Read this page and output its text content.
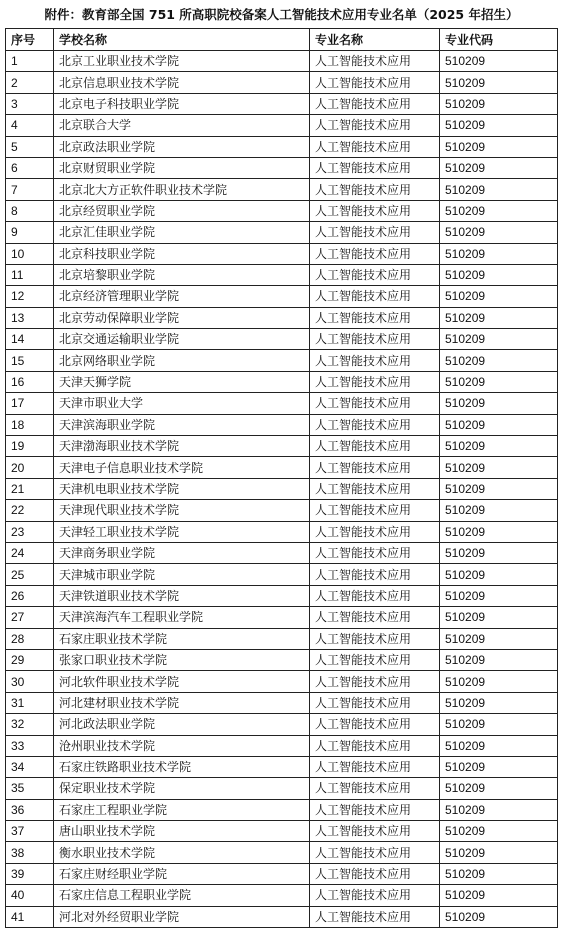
附件：教育部全国 751 所高职院校备案人工智能技术应用专业名单（2025 年招生）
序号	学校名称	专业名称	专业代码
1	北京工业职业技术学院	人工智能技术应用	510209
2	北京信息职业技术学院	人工智能技术应用	510209
3	北京电子科技职业学院	人工智能技术应用	510209
4	北京联合大学	人工智能技术应用	510209
5	北京政法职业学院	人工智能技术应用	510209
6	北京财贸职业学院	人工智能技术应用	510209
7	北京北大方正软件职业技术学院	人工智能技术应用	510209
8	北京经贸职业学院	人工智能技术应用	510209
9	北京汇佳职业学院	人工智能技术应用	510209
10	北京科技职业学院	人工智能技术应用	510209
11	北京培黎职业学院	人工智能技术应用	510209
12	北京经济管理职业学院	人工智能技术应用	510209
13	北京劳动保障职业学院	人工智能技术应用	510209
14	北京交通运输职业学院	人工智能技术应用	510209
15	北京网络职业学院	人工智能技术应用	510209
16	天津天狮学院	人工智能技术应用	510209
17	天津市职业大学	人工智能技术应用	510209
18	天津滨海职业学院	人工智能技术应用	510209
19	天津渤海职业技术学院	人工智能技术应用	510209
20	天津电子信息职业技术学院	人工智能技术应用	510209
21	天津机电职业技术学院	人工智能技术应用	510209
22	天津现代职业技术学院	人工智能技术应用	510209
23	天津轻工职业技术学院	人工智能技术应用	510209
24	天津商务职业学院	人工智能技术应用	510209
25	天津城市职业学院	人工智能技术应用	510209
26	天津铁道职业技术学院	人工智能技术应用	510209
27	天津滨海汽车工程职业学院	人工智能技术应用	510209
28	石家庄职业技术学院	人工智能技术应用	510209
29	张家口职业技术学院	人工智能技术应用	510209
30	河北软件职业技术学院	人工智能技术应用	510209
31	河北建材职业技术学院	人工智能技术应用	510209
32	河北政法职业学院	人工智能技术应用	510209
33	沧州职业技术学院	人工智能技术应用	510209
34	石家庄铁路职业技术学院	人工智能技术应用	510209
35	保定职业技术学院	人工智能技术应用	510209
36	石家庄工程职业学院	人工智能技术应用	510209
37	唐山职业技术学院	人工智能技术应用	510209
38	衡水职业技术学院	人工智能技术应用	510209
39	石家庄财经职业学院	人工智能技术应用	510209
40	石家庄信息工程职业学院	人工智能技术应用	510209
41	河北对外经贸职业学院	人工智能技术应用	510209
